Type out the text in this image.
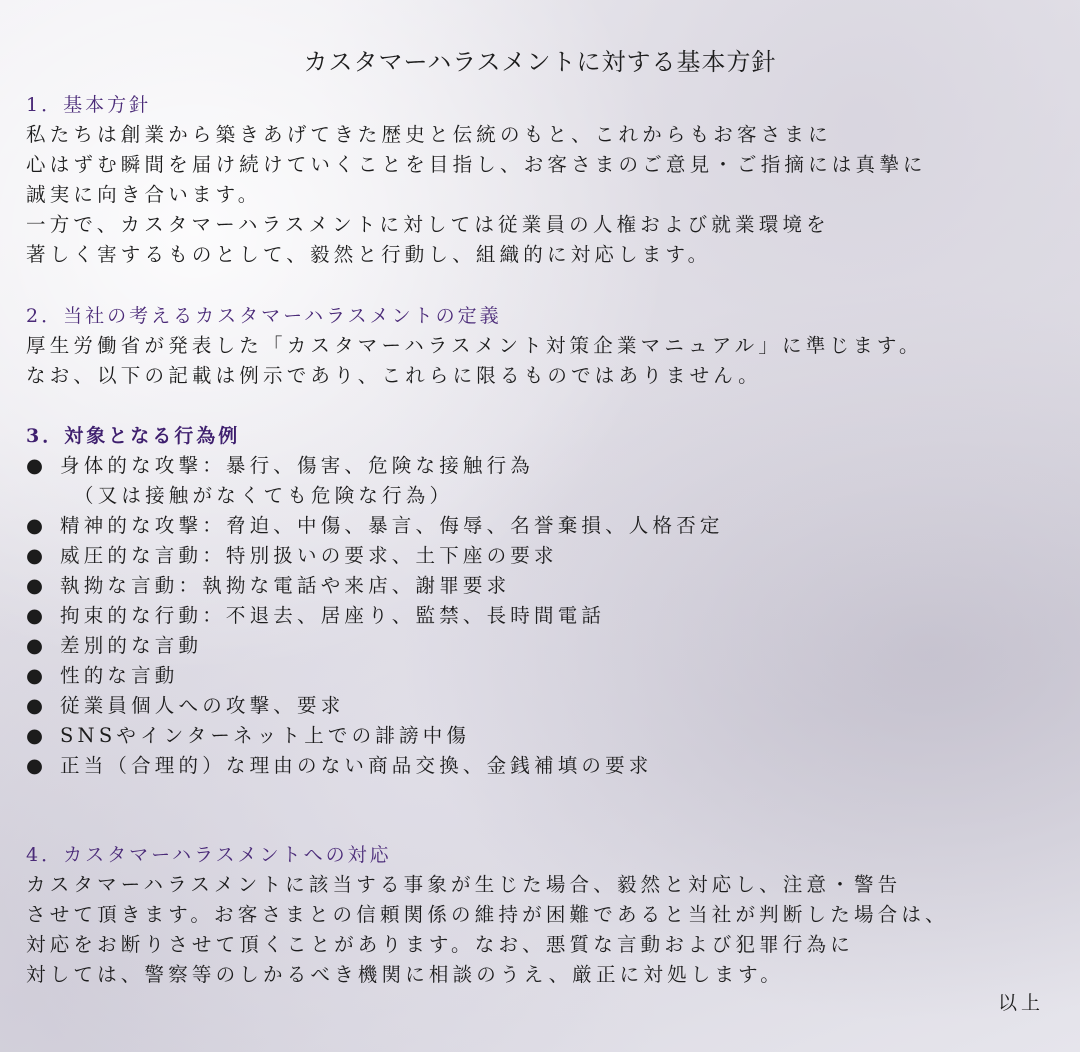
カスタマーハラスメントに対する基本方針
1．基本方針
私たちは創業から築きあげてきた歴史と伝統のもと、これからもお客さまに
心はずむ瞬間を届け続けていくことを目指し、お客さまのご意見・ご指摘には真摯に
誠実に向き合います。
一方で、カスタマーハラスメントに対しては従業員の人権および就業環境を
著しく害するものとして、毅然と行動し、組織的に対応します。
2．当社の考えるカスタマーハラスメントの定義
厚生労働省が発表した「カスタマーハラスメント対策企業マニュアル」に準じます。
なお、以下の記載は例示であり、これらに限るものではありません。
3．対象となる行為例
● 身体的な攻撃：暴行、傷害、危険な接触行為
（又は接触がなくても危険な行為）
● 精神的な攻撃：脅迫、中傷、暴言、侮辱、名誉棄損、人格否定
● 威圧的な言動：特別扱いの要求、土下座の要求
● 執拗な言動：執拗な電話や来店、謝罪要求
● 拘束的な行動：不退去、居座り、監禁、長時間電話
● 差別的な言動
● 性的な言動
● 従業員個人への攻撃、要求
● SNSやインターネット上での誹謗中傷
● 正当（合理的）な理由のない商品交換、金銭補填の要求
4．カスタマーハラスメントへの対応
カスタマーハラスメントに該当する事象が生じた場合、毅然と対応し、注意・警告
させて頂きます。お客さまとの信頼関係の維持が困難であると当社が判断した場合は、
対応をお断りさせて頂くことがあります。なお、悪質な言動および犯罪行為に
対しては、警察等のしかるべき機関に相談のうえ、厳正に対処します。
以上
